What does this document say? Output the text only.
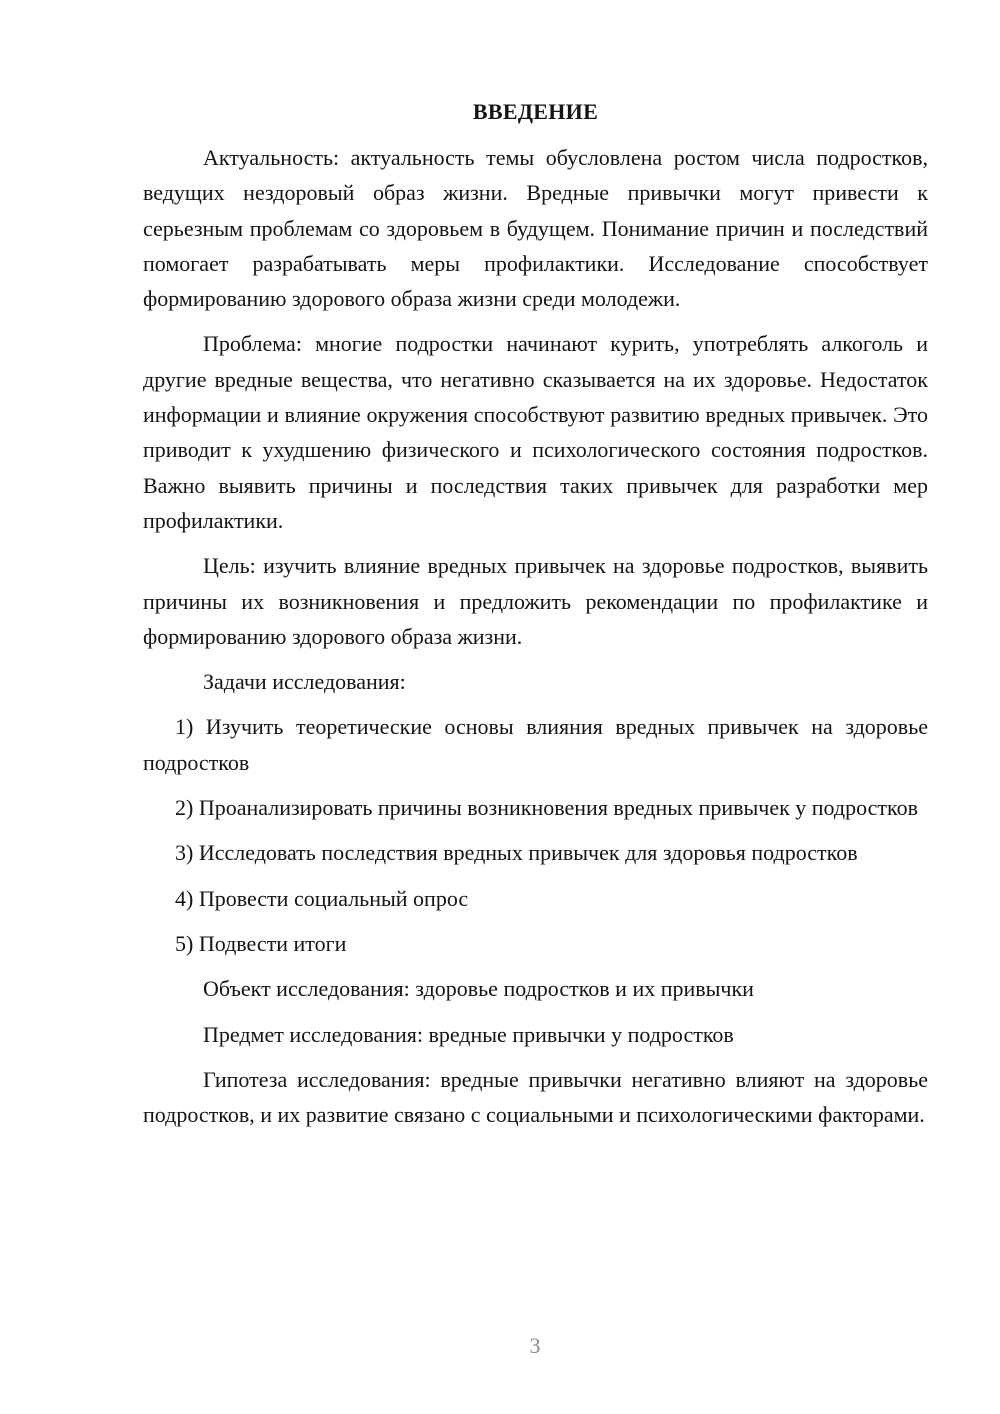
ВВЕДЕНИЕ

Актуальность: актуальность темы обусловлена ростом числа подростков, ведущих нездоровый образ жизни. Вредные привычки могут привести к серьезным проблемам со здоровьем в будущем. Понимание причин и последствий помогает разрабатывать меры профилактики. Исследование способствует формированию здорового образа жизни среди молодежи.

Проблема: многие подростки начинают курить, употреблять алкоголь и другие вредные вещества, что негативно сказывается на их здоровье. Недостаток информации и влияние окружения способствуют развитию вредных привычек. Это приводит к ухудшению физического и психологического состояния подростков. Важно выявить причины и последствия таких привычек для разработки мер профилактики.

Цель: изучить влияние вредных привычек на здоровье подростков, выявить причины их возникновения и предложить рекомендации по профилактике и формированию здорового образа жизни.

Задачи исследования:

1) Изучить теоретические основы влияния вредных привычек на здоровье подростков

2) Проанализировать причины возникновения вредных привычек у подростков

3) Исследовать последствия вредных привычек для здоровья подростков

4) Провести социальный опрос

5) Подвести итоги

Объект исследования: здоровье подростков и их привычки

Предмет исследования: вредные привычки у подростков

Гипотеза исследования: вредные привычки негативно влияют на здоровье подростков, и их развитие связано с социальными и психологическими факторами.

3
